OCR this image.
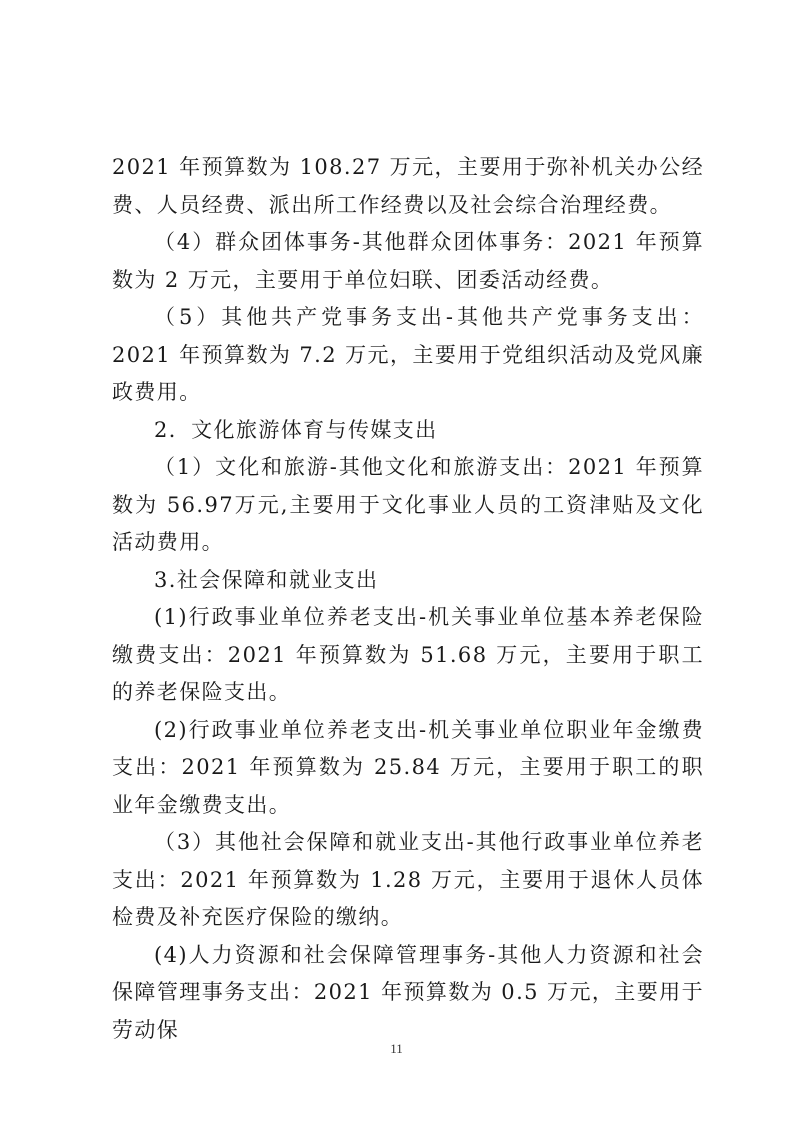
2021 年预算数为 108.27 万元，主要用于弥补机关办公经费、人员经费、派出所工作经费以及社会综合治理经费。

（4）群众团体事务-其他群众团体事务：2021 年预算数为 2 万元，主要用于单位妇联、团委活动经费。

（5）其他共产党事务支出-其他共产党事务支出：2021 年预算数为 7.2 万元，主要用于党组织活动及党风廉政费用。

2．文化旅游体育与传媒支出

（1）文化和旅游-其他文化和旅游支出：2021 年预算数为 56.97万元,主要用于文化事业人员的工资津贴及文化活动费用。

3.社会保障和就业支出

(1)行政事业单位养老支出-机关事业单位基本养老保险缴费支出：2021 年预算数为 51.68 万元，主要用于职工的养老保险支出。

(2)行政事业单位养老支出-机关事业单位职业年金缴费支出：2021 年预算数为 25.84 万元，主要用于职工的职业年金缴费支出。

（3）其他社会保障和就业支出-其他行政事业单位养老支出：2021 年预算数为 1.28 万元，主要用于退休人员体检费及补充医疗保险的缴纳。

(4)人力资源和社会保障管理事务-其他人力资源和社会保障管理事务支出：2021 年预算数为 0.5 万元，主要用于劳动保

11
